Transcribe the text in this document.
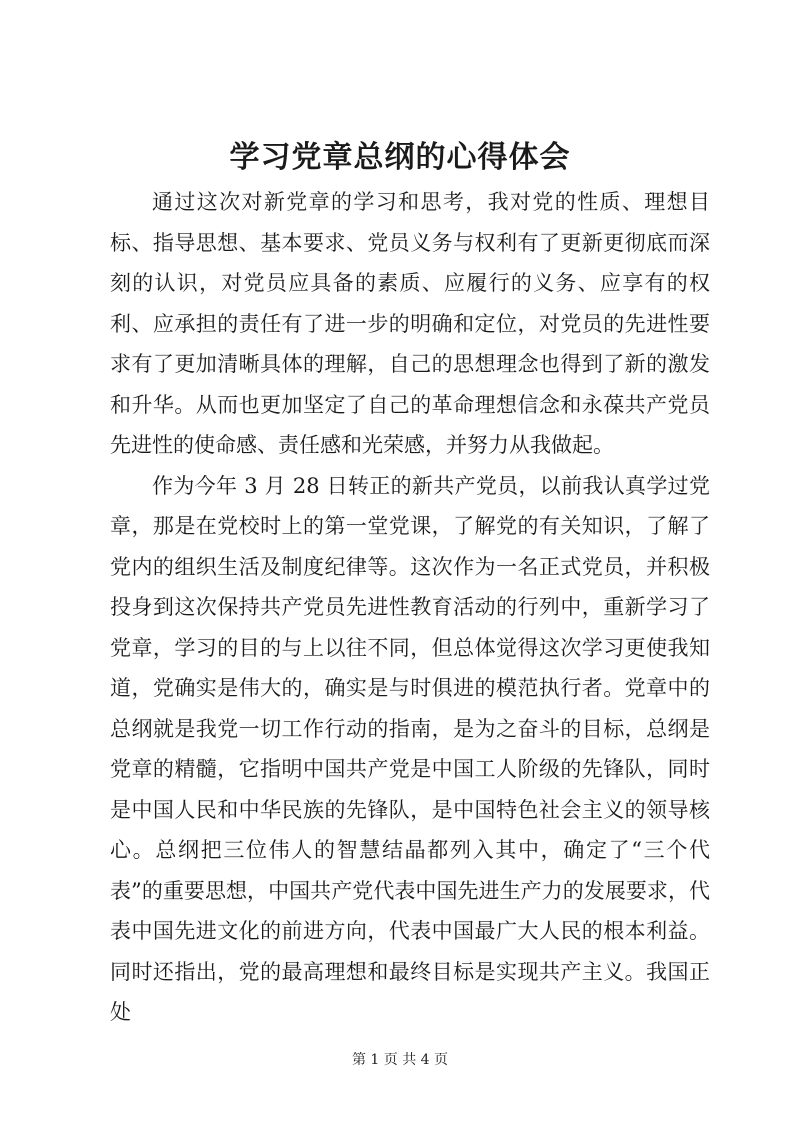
学习党章总纲的心得体会

通过这次对新党章的学习和思考，我对党的性质、理想目标、指导思想、基本要求、党员义务与权利有了更新更彻底而深刻的认识，对党员应具备的素质、应履行的义务、应享有的权利、应承担的责任有了进一步的明确和定位，对党员的先进性要求有了更加清晰具体的理解，自己的思想理念也得到了新的激发和升华。从而也更加坚定了自己的革命理想信念和永葆共产党员先进性的使命感、责任感和光荣感，并努力从我做起。

作为今年 3 月 28 日转正的新共产党员，以前我认真学过党章，那是在党校时上的第一堂党课，了解党的有关知识，了解了党内的组织生活及制度纪律等。这次作为一名正式党员，并积极投身到这次保持共产党员先进性教育活动的行列中，重新学习了党章，学习的目的与上以往不同，但总体觉得这次学习更使我知道，党确实是伟大的，确实是与时俱进的模范执行者。党章中的总纲就是我党一切工作行动的指南，是为之奋斗的目标，总纲是党章的精髓，它指明中国共产党是中国工人阶级的先锋队，同时是中国人民和中华民族的先锋队，是中国特色社会主义的领导核心。总纲把三位伟人的智慧结晶都列入其中，确定了“三个代表”的重要思想，中国共产党代表中国先进生产力的发展要求，代表中国先进文化的前进方向，代表中国最广大人民的根本利益。同时还指出，党的最高理想和最终目标是实现共产主义。我国正处

第 1 页 共 4 页
